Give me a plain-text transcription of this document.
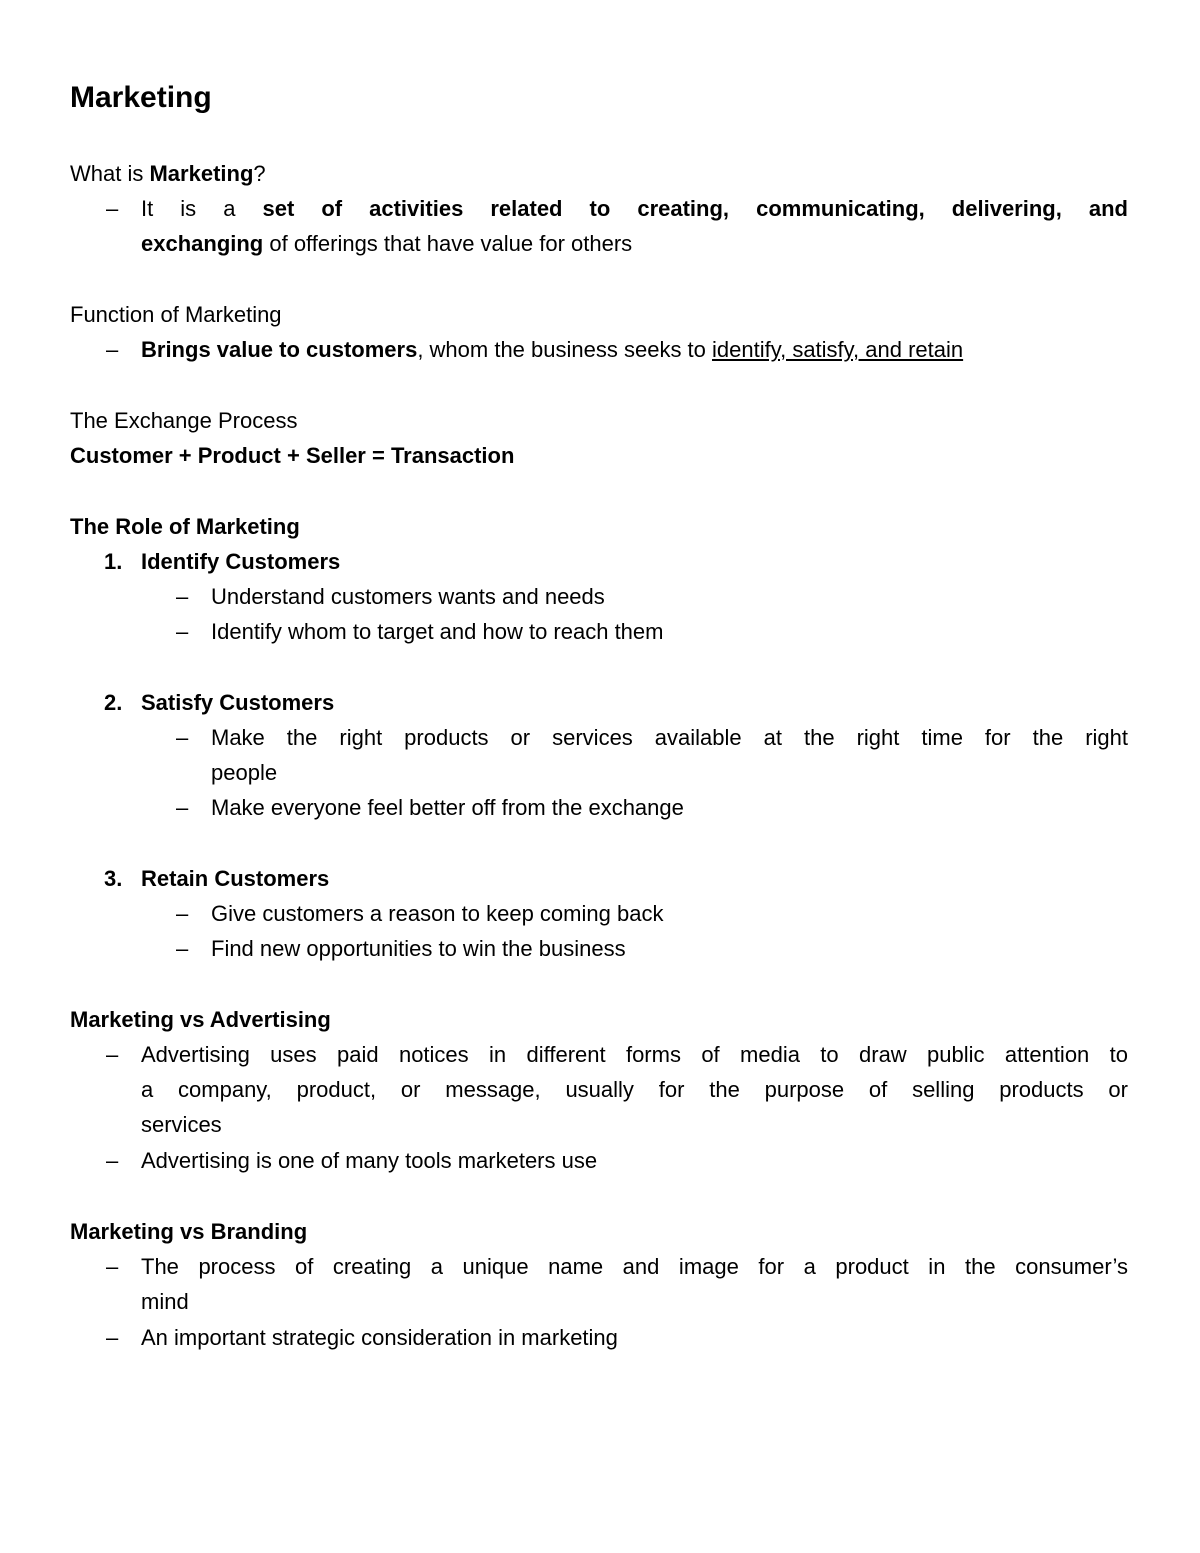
Marketing
What is Marketing?
– It is a set of activities related to creating, communicating, delivering, and
exchanging of offerings that have value for others
Function of Marketing
– Brings value to customers, whom the business seeks to identify, satisfy, and retain
The Exchange Process
Customer + Product + Seller = Transaction
The Role of Marketing
1. Identify Customers
– Understand customers wants and needs
– Identify whom to target and how to reach them
2. Satisfy Customers
– Make the right products or services available at the right time for the right
people
– Make everyone feel better off from the exchange
3. Retain Customers
– Give customers a reason to keep coming back
– Find new opportunities to win the business
Marketing vs Advertising
– Advertising uses paid notices in different forms of media to draw public attention to
a company, product, or message, usually for the purpose of selling products or
services
– Advertising is one of many tools marketers use
Marketing vs Branding
– The process of creating a unique name and image for a product in the consumer’s
mind
– An important strategic consideration in marketing
